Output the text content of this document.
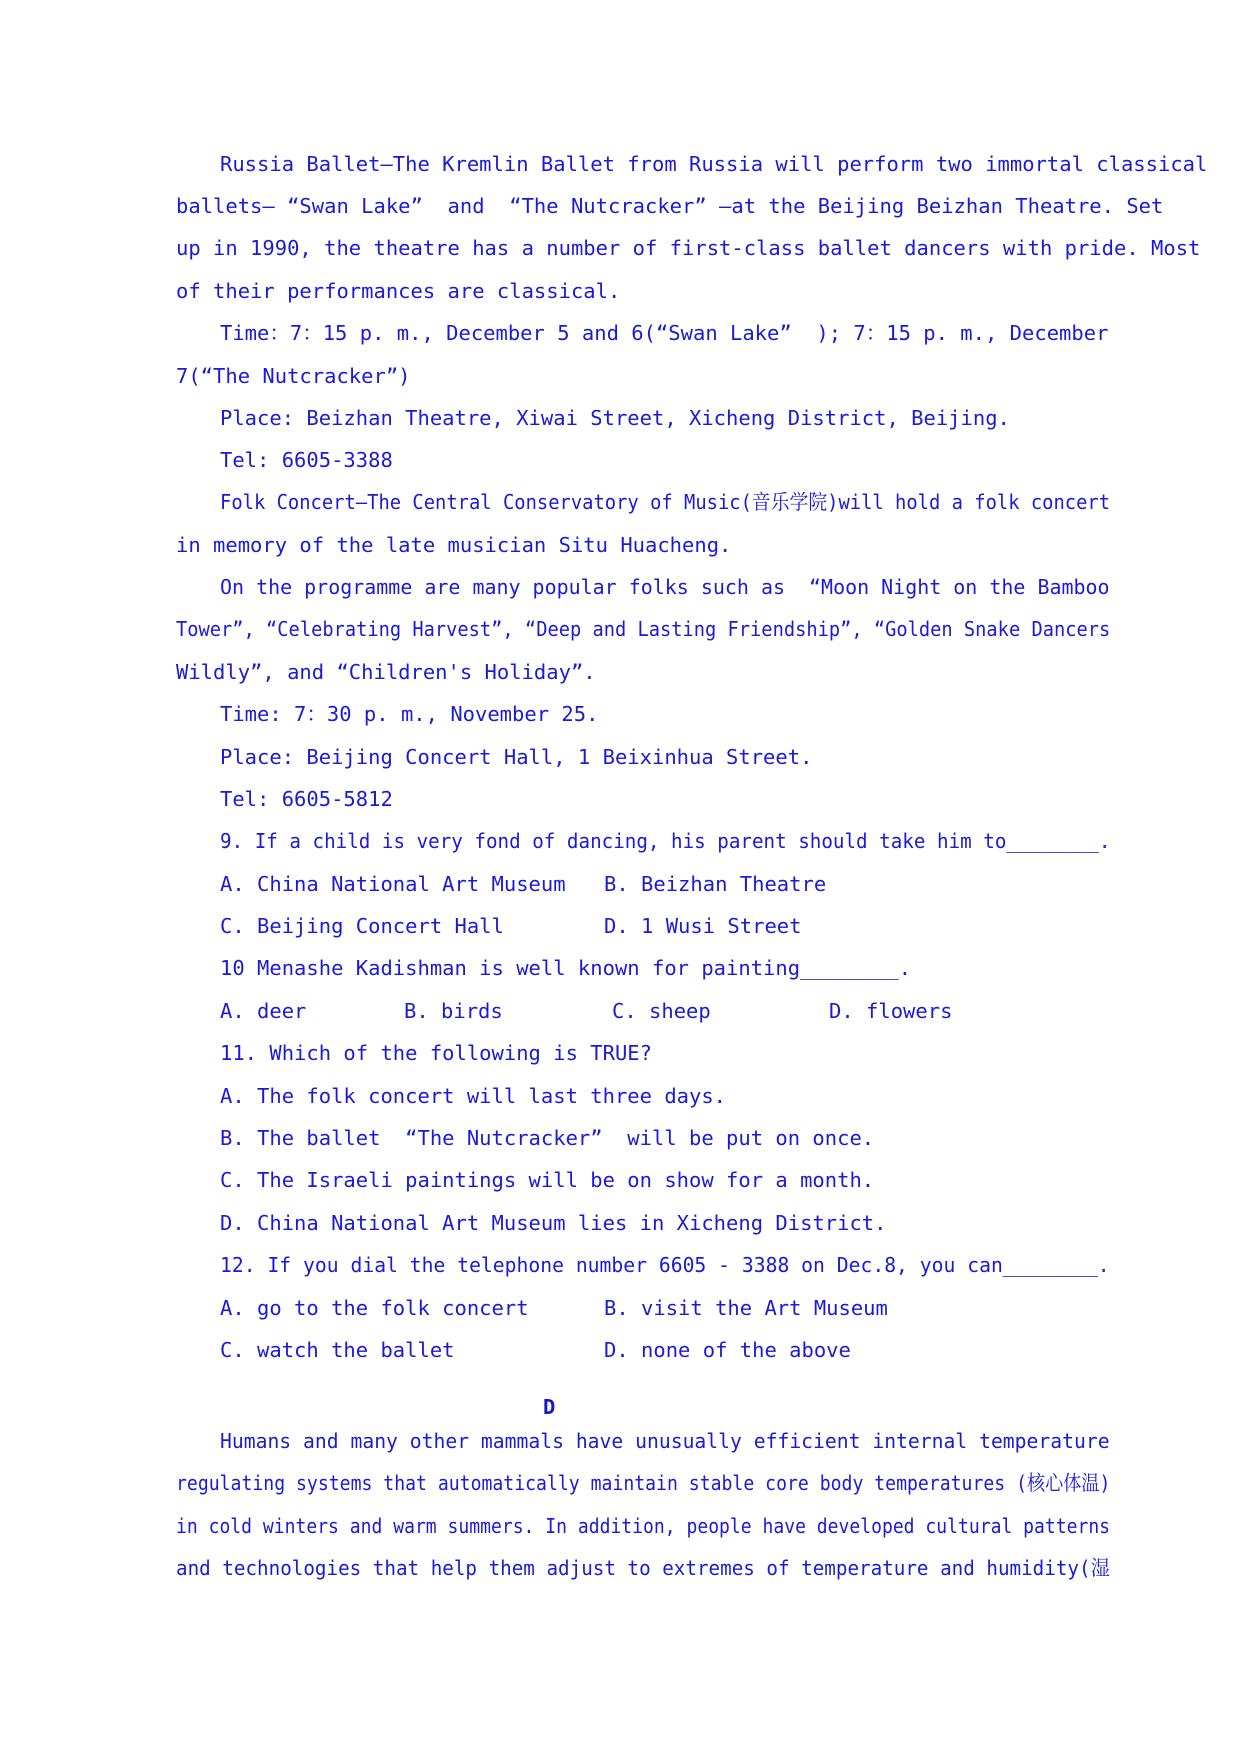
Russia Ballet—The Kremlin Ballet from Russia will perform two immortal classical
ballets— “Swan Lake”  and  “The Nutcracker” —at the Beijing Beizhan Theatre. Set
up in 1990, the theatre has a number of first-class ballet dancers with pride. Most
of their performances are classical.
Time：7：15 p. m., December 5 and 6(“Swan Lake”  ); 7：15 p. m., December
7(“The Nutcracker”)
Place: Beizhan Theatre, Xiwai Street, Xicheng District, Beijing.
Tel: 6605-3388
Folk Concert—The Central Conservatory of Music(音乐学院)will hold a folk concert
in memory of the late musician Situ Huacheng.
On the programme are many popular folks such as  “Moon Night on the Bamboo
Tower”, “Celebrating Harvest”, “Deep and Lasting Friendship”, “Golden Snake Dancers
Wildly”, and “Children's Holiday”.
Time: 7：30 p. m., November 25.
Place: Beijing Concert Hall, 1 Beixinhua Street.
Tel: 6605-5812
9. If a child is very fond of dancing, his parent should take him to________.
A. China National Art Museum B. Beizhan Theatre
C. Beijing Concert Hall	D. 1 Wusi Street
10 Menashe Kadishman is well known for painting________.
A. deer	B. birds	C. sheep	D. flowers
11. Which of the following is TRUE?
A. The folk concert will last three days.
B. The ballet  “The Nutcracker”  will be put on once.
C. The Israeli paintings will be on show for a month.
D. China National Art Museum lies in Xicheng District.
12. If you dial the telephone number 6605 - 3388 on Dec.8, you can________.
A. go to the folk concert	B. visit the Art Museum
C. watch the ballet	D. none of the above
D
Humans and many other mammals have unusually efficient internal temperature
regulating systems that automatically maintain stable core body temperatures (核心体温)
in cold winters and warm summers. In addition, people have developed cultural patterns
and technologies that help them adjust to extremes of temperature and humidity(湿
